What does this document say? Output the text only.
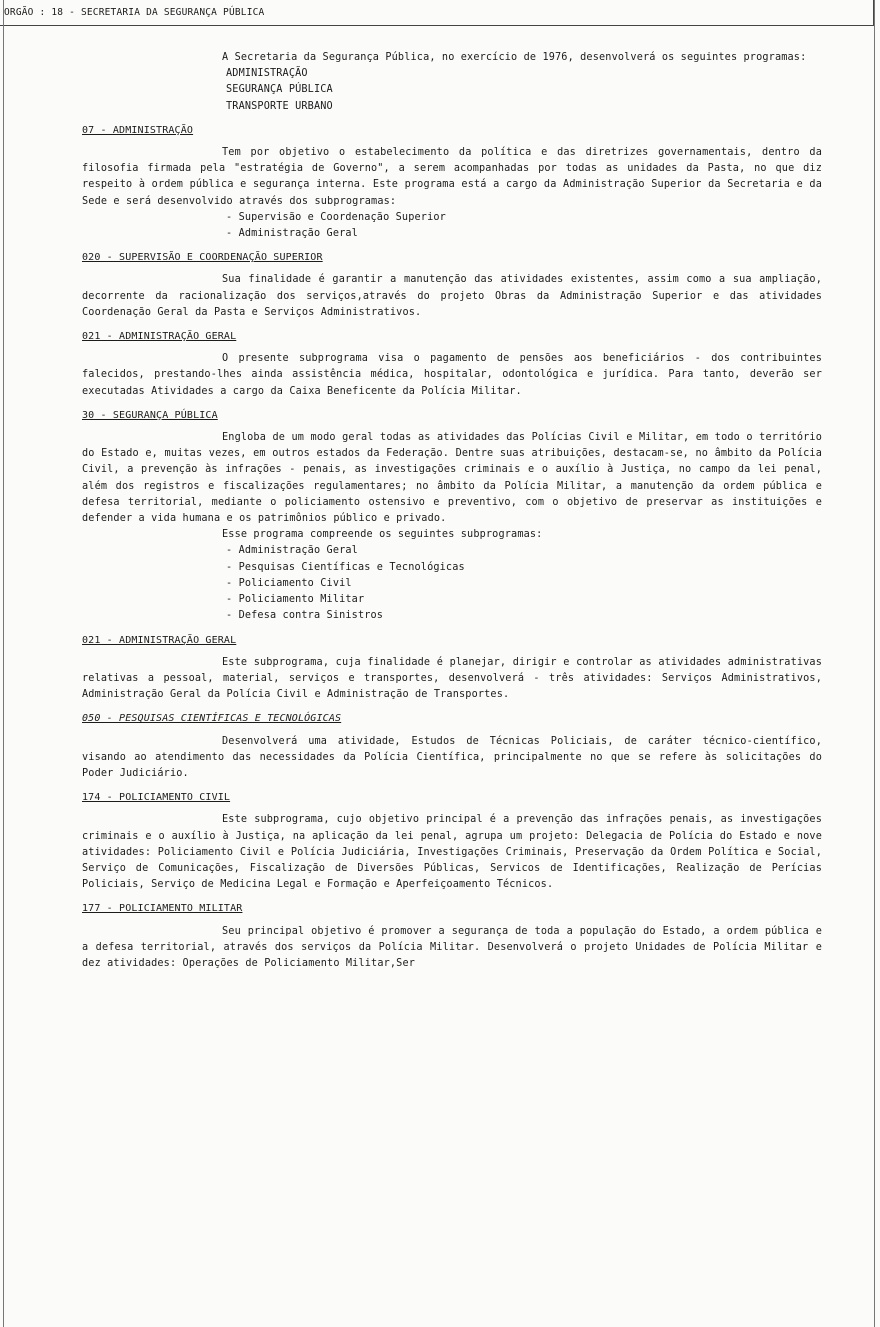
ORGÃO : 18 - SECRETARIA DA SEGURANÇA PÚBLICA

A Secretaria da Segurança Pública, no exercício de 1976, desenvolverá os seguintes programas:

ADMINISTRAÇÃO
SEGURANÇA PÚBLICA
TRANSPORTE URBANO
07 - ADMINISTRAÇÃO

Tem por objetivo o estabelecimento da política e das diretrizes governamentais, dentro da filosofia firmada pela "estratégia de Governo", a serem acompanhadas por todas as unidades da Pasta, no que diz respeito à ordem pública e segurança interna. Este programa está a cargo da Administração Superior da Secretaria e da Sede e será desenvolvido através dos subprogramas:

- Supervisão e Coordenação Superior
- Administração Geral
020 - SUPERVISÃO E COORDENAÇÃO SUPERIOR

Sua finalidade é garantir a manutenção das atividades existentes, assim como a sua ampliação, decorrente da racionalização dos serviços,através do projeto Obras da Administração Superior e das atividades Coordenação Geral da Pasta e Serviços Administrativos.

021 - ADMINISTRAÇÃO GERAL

O presente subprograma visa o pagamento de pensões aos beneficiários - dos contribuintes falecidos, prestando-lhes ainda assistência médica, hospitalar, odontológica e jurídica. Para tanto, deverão ser executadas Atividades a cargo da Caixa Beneficente da Polícia Militar.

30 - SEGURANÇA PÚBLICA

Engloba de um modo geral todas as atividades das Polícias Civil e Militar, em todo o território do Estado e, muitas vezes, em outros estados da Federação. Dentre suas atribuições, destacam-se, no âmbito da Polícia Civil, a prevenção às infrações - penais, as investigações criminais e o auxílio à Justiça, no campo da lei penal, além dos registros e fiscalizações regulamentares; no âmbito da Polícia Militar, a manutenção da ordem pública e defesa territorial, mediante o policiamento ostensivo e preventivo, com o objetivo de preservar as instituições e defender a vida humana e os patrimônios público e privado.

Esse programa compreende os seguintes subprogramas:

- Administração Geral
- Pesquisas Científicas e Tecnológicas
- Policiamento Civil
- Policiamento Militar
- Defesa contra Sinistros
021 - ADMINISTRAÇÃO GERAL

Este subprograma, cuja finalidade é planejar, dirigir e controlar as atividades administrativas relativas a pessoal, material, serviços e transportes, desenvolverá - três atividades: Serviços Administrativos, Administração Geral da Polícia Civil e Administração de Transportes.

050 - PESQUISAS CIENTÍFICAS E TECNOLÓGICAS

Desenvolverá uma atividade, Estudos de Técnicas Policiais, de caráter técnico-científico, visando ao atendimento das necessidades da Polícia Científica, principalmente no que se refere às solicitações do Poder Judiciário.

174 - POLICIAMENTO CIVIL

Este subprograma, cujo objetivo principal é a prevenção das infrações penais, as investigações criminais e o auxílio à Justiça, na aplicação da lei penal, agrupa um projeto: Delegacia de Polícia do Estado e nove atividades: Policiamento Civil e Polícia Judiciária, Investigações Criminais, Preservação da Ordem Política e Social, Serviço de Comunicações, Fiscalização de Diversões Públicas, Servicos de Identificações, Realização de Perícias Policiais, Serviço de Medicina Legal e Formação e Aperfeiçoamento Técnicos.

177 - POLICIAMENTO MILITAR

Seu principal objetivo é promover a segurança de toda a população do Estado, a ordem pública e a defesa territorial, através dos serviços da Polícia Militar. Desenvolverá o projeto Unidades de Polícia Militar e dez atividades: Operações de Policiamento Militar,Ser
